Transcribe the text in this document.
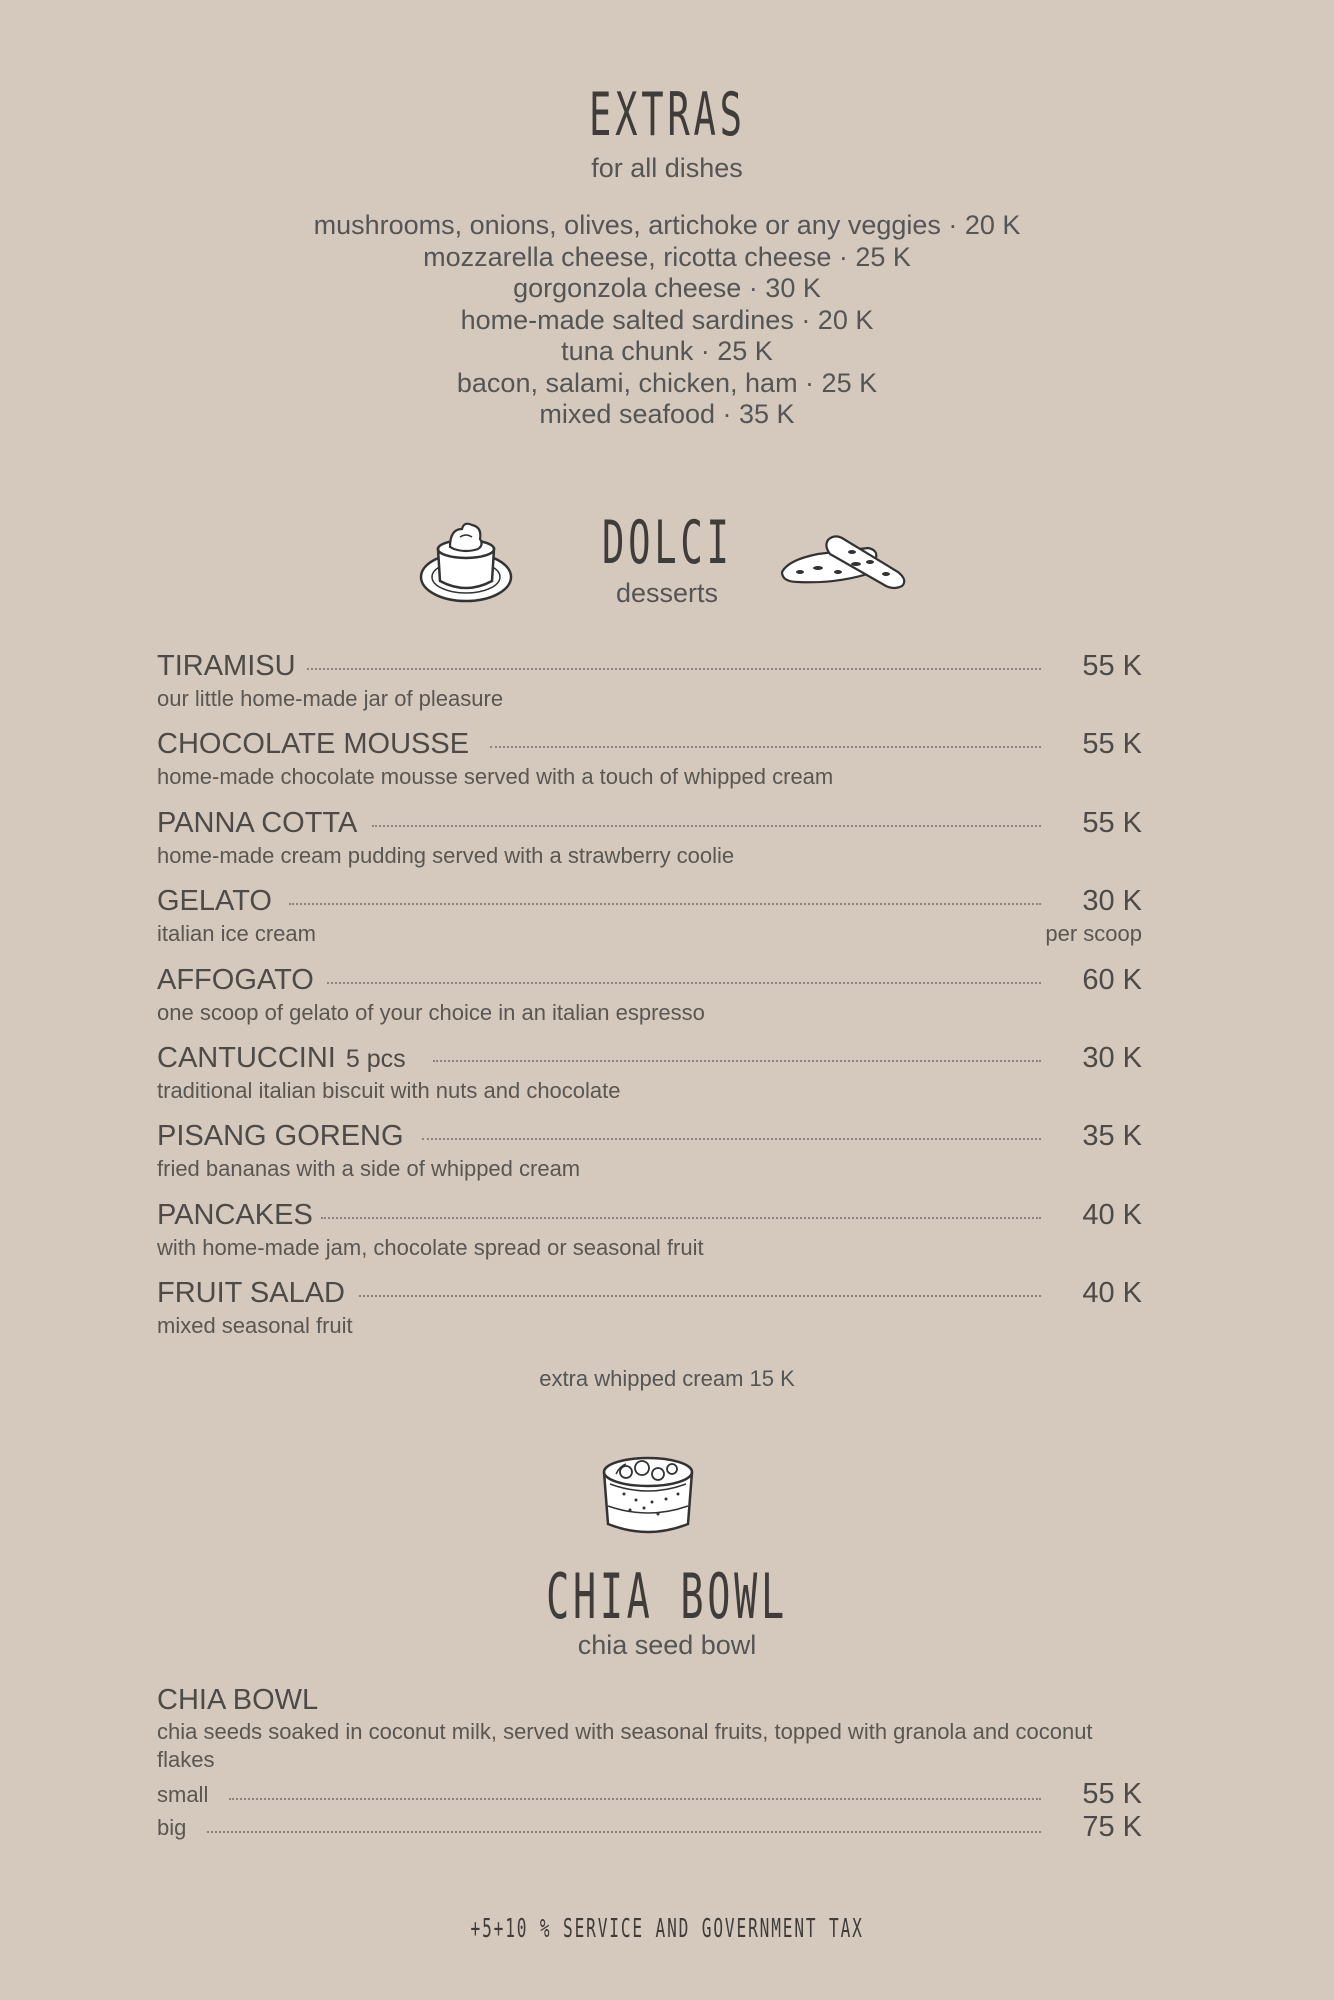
EXTRAS
for all dishes
mushrooms, onions, olives, artichoke or any veggies · 20 K
mozzarella cheese, ricotta cheese · 25 K
gorgonzola cheese · 30 K
home-made salted sardines · 20 K
tuna chunk · 25 K
bacon, salami, chicken, ham · 25 K
mixed seafood · 35 K
DOLCI
desserts
TIRAMISU	55 K
our little home-made jar of pleasure
CHOCOLATE MOUSSE	55 K
home-made chocolate mousse served with a touch of whipped cream
PANNA COTTA	55 K
home-made cream pudding served with a strawberry coolie
GELATO	30 K
italian ice cream	per scoop
AFFOGATO	60 K
one scoop of gelato of your choice in an italian espresso
CANTUCCINI 5 pcs	30 K
traditional italian biscuit with nuts and chocolate
PISANG GORENG	35 K
fried bananas with a side of whipped cream
PANCAKES	40 K
with home-made jam, chocolate spread or seasonal fruit
FRUIT SALAD	40 K
mixed seasonal fruit
extra whipped cream 15 K
CHIA BOWL
chia seed bowl
CHIA BOWL
chia seeds soaked in coconut milk, served with seasonal fruits, topped with granola and coconut flakes
small	55 K
big	75 K
+5+10 % SERVICE AND GOVERNMENT TAX
